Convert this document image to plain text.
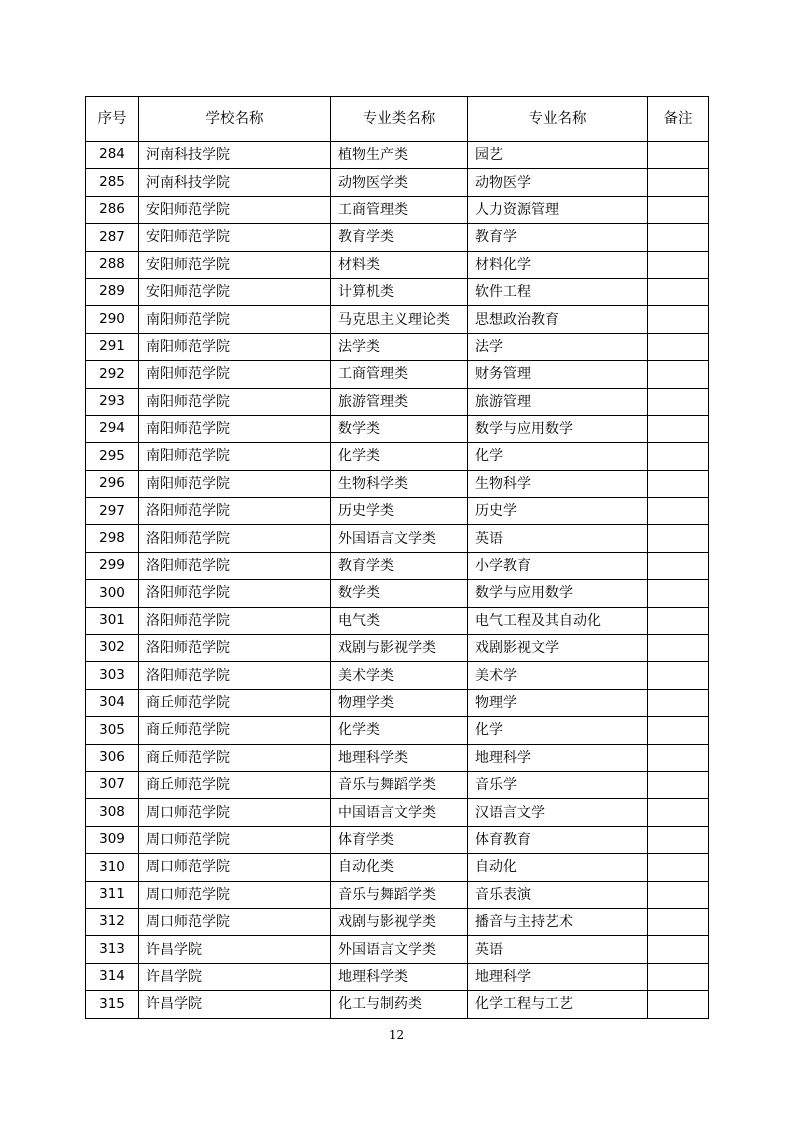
序号	学校名称	专业类名称	专业名称	备注
284	河南科技学院	植物生产类	园艺	
285	河南科技学院	动物医学类	动物医学	
286	安阳师范学院	工商管理类	人力资源管理	
287	安阳师范学院	教育学类	教育学	
288	安阳师范学院	材料类	材料化学	
289	安阳师范学院	计算机类	软件工程	
290	南阳师范学院	马克思主义理论类	思想政治教育	
291	南阳师范学院	法学类	法学	
292	南阳师范学院	工商管理类	财务管理	
293	南阳师范学院	旅游管理类	旅游管理	
294	南阳师范学院	数学类	数学与应用数学	
295	南阳师范学院	化学类	化学	
296	南阳师范学院	生物科学类	生物科学	
297	洛阳师范学院	历史学类	历史学	
298	洛阳师范学院	外国语言文学类	英语	
299	洛阳师范学院	教育学类	小学教育	
300	洛阳师范学院	数学类	数学与应用数学	
301	洛阳师范学院	电气类	电气工程及其自动化	
302	洛阳师范学院	戏剧与影视学类	戏剧影视文学	
303	洛阳师范学院	美术学类	美术学	
304	商丘师范学院	物理学类	物理学	
305	商丘师范学院	化学类	化学	
306	商丘师范学院	地理科学类	地理科学	
307	商丘师范学院	音乐与舞蹈学类	音乐学	
308	周口师范学院	中国语言文学类	汉语言文学	
309	周口师范学院	体育学类	体育教育	
310	周口师范学院	自动化类	自动化	
311	周口师范学院	音乐与舞蹈学类	音乐表演	
312	周口师范学院	戏剧与影视学类	播音与主持艺术	
313	许昌学院	外国语言文学类	英语	
314	许昌学院	地理科学类	地理科学	
315	许昌学院	化工与制药类	化学工程与工艺	
12
